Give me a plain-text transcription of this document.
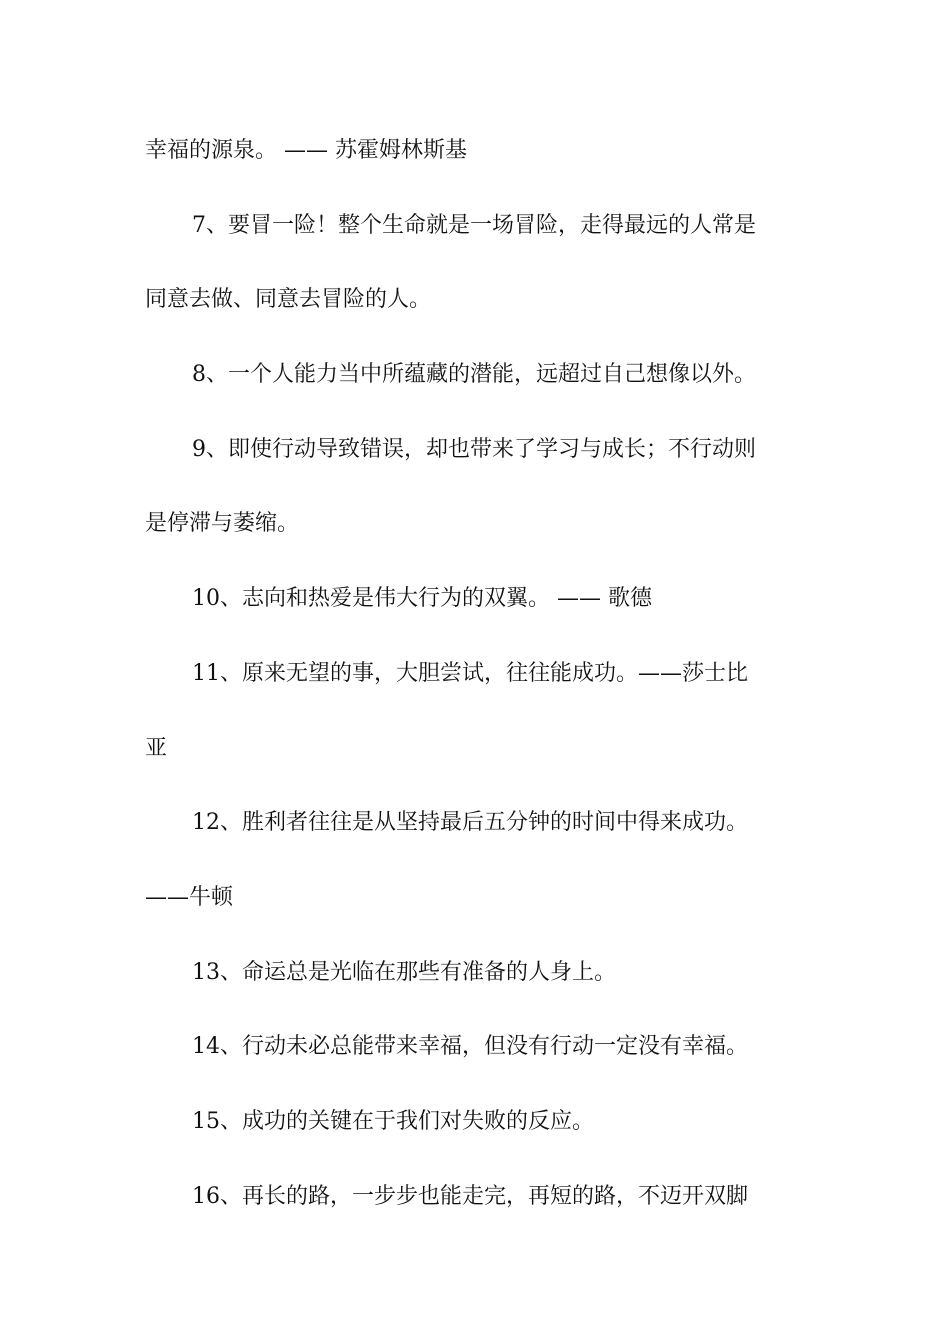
幸福的源泉。 —— 苏霍姆林斯基
7、要冒一险！整个生命就是一场冒险，走得最远的人常是
同意去做、同意去冒险的人。
8、一个人能力当中所蕴藏的潜能，远超过自己想像以外。
9、即使行动导致错误，却也带来了学习与成长；不行动则
是停滞与萎缩。
10、志向和热爱是伟大行为的双翼。 —— 歌德
11、原来无望的事，大胆尝试，往往能成功。——莎士比
亚
12、胜利者往往是从坚持最后五分钟的时间中得来成功。
——牛顿
13、命运总是光临在那些有准备的人身上。
14、行动未必总能带来幸福，但没有行动一定没有幸福。
15、成功的关键在于我们对失败的反应。
16、再长的路，一步步也能走完，再短的路，不迈开双脚
